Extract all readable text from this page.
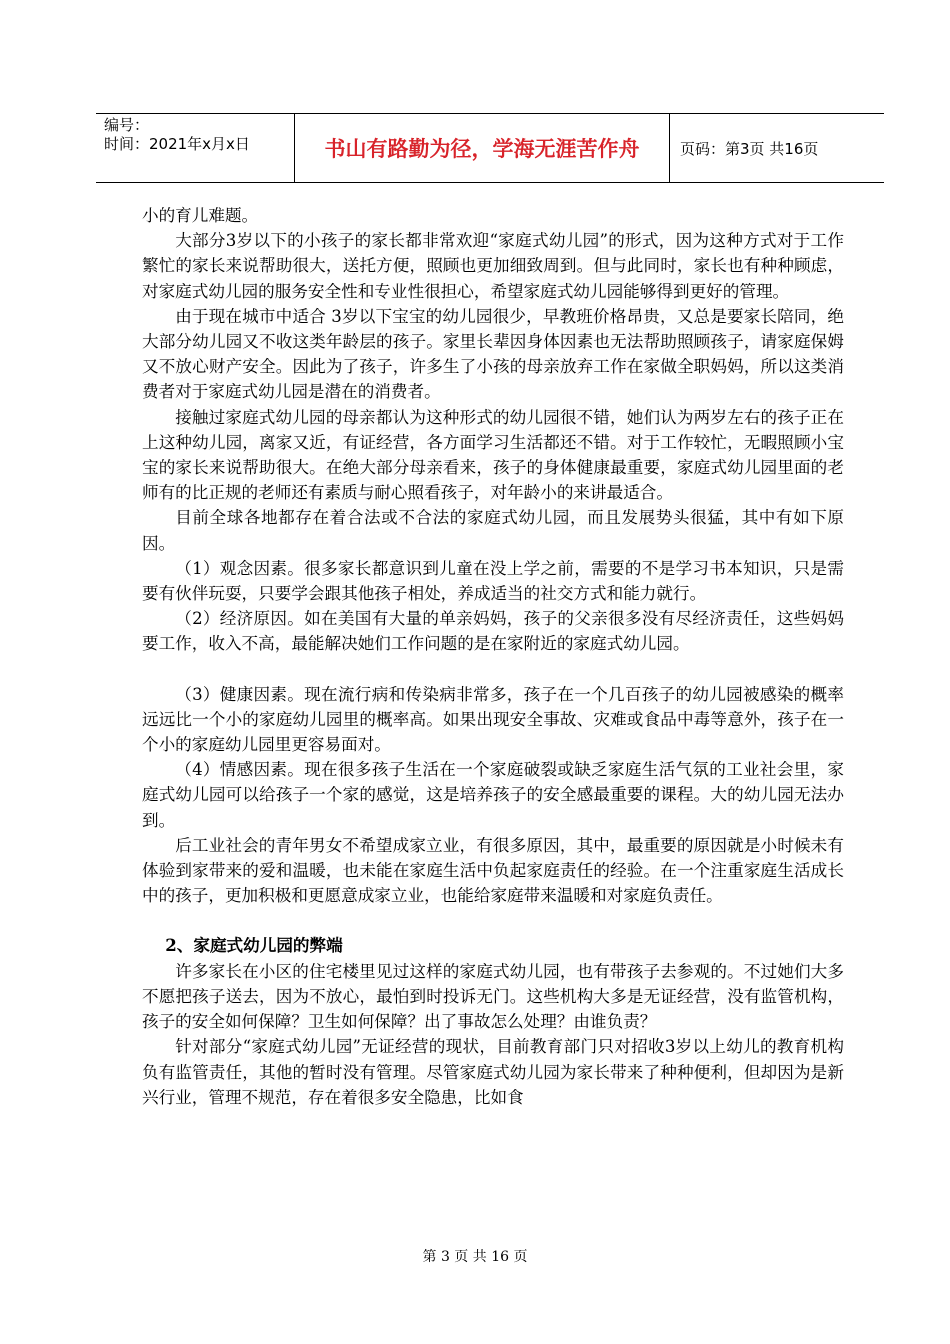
编号：
时间：2021年x月x日	书山有路勤为径，学海无涯苦作舟	页码：第3页 共16页

小的育儿难题。

大部分3岁以下的小孩子的家长都非常欢迎“家庭式幼儿园”的形式，因为这种方式对于工作繁忙的家长来说帮助很大，送托方便，照顾也更加细致周到。但与此同时，家长也有种种顾虑，对家庭式幼儿园的服务安全性和专业性很担心，希望家庭式幼儿园能够得到更好的管理。

由于现在城市中适合 3岁以下宝宝的幼儿园很少，早教班价格昂贵，又总是要家长陪同，绝大部分幼儿园又不收这类年龄层的孩子。家里长辈因身体因素也无法帮助照顾孩子，请家庭保姆又不放心财产安全。因此为了孩子，许多生了小孩的母亲放弃工作在家做全职妈妈，所以这类消费者对于家庭式幼儿园是潜在的消费者。

接触过家庭式幼儿园的母亲都认为这种形式的幼儿园很不错，她们认为两岁左右的孩子正在上这种幼儿园，离家又近，有证经营，各方面学习生活都还不错。对于工作较忙，无暇照顾小宝宝的家长来说帮助很大。在绝大部分母亲看来，孩子的身体健康最重要，家庭式幼儿园里面的老师有的比正规的老师还有素质与耐心照看孩子，对年龄小的来讲最适合。

目前全球各地都存在着合法或不合法的家庭式幼儿园，而且发展势头很猛，其中有如下原因。

（1）观念因素。很多家长都意识到儿童在没上学之前，需要的不是学习书本知识，只是需要有伙伴玩耍，只要学会跟其他孩子相处，养成适当的社交方式和能力就行。

（2）经济原因。如在美国有大量的单亲妈妈，孩子的父亲很多没有尽经济责任，这些妈妈要工作，收入不高，最能解决她们工作问题的是在家附近的家庭式幼儿园。

（3）健康因素。现在流行病和传染病非常多，孩子在一个几百孩子的幼儿园被感染的概率远远比一个小的家庭幼儿园里的概率高。如果出现安全事故、灾难或食品中毒等意外，孩子在一个小的家庭幼儿园里更容易面对。

（4）情感因素。现在很多孩子生活在一个家庭破裂或缺乏家庭生活气氛的工业社会里，家庭式幼儿园可以给孩子一个家的感觉，这是培养孩子的安全感最重要的课程。大的幼儿园无法办到。

后工业社会的青年男女不希望成家立业，有很多原因，其中，最重要的原因就是小时候未有体验到家带来的爱和温暖，也未能在家庭生活中负起家庭责任的经验。在一个注重家庭生活成长中的孩子，更加积极和更愿意成家立业，也能给家庭带来温暖和对家庭负责任。

2、家庭式幼儿园的弊端

许多家长在小区的住宅楼里见过这样的家庭式幼儿园，也有带孩子去参观的。不过她们大多不愿把孩子送去，因为不放心，最怕到时投诉无门。这些机构大多是无证经营，没有监管机构，孩子的安全如何保障？卫生如何保障？出了事故怎么处理？由谁负责？

针对部分“家庭式幼儿园”无证经营的现状，目前教育部门只对招收3岁以上幼儿的教育机构负有监管责任，其他的暂时没有管理。尽管家庭式幼儿园为家长带来了种种便利，但却因为是新兴行业，管理不规范，存在着很多安全隐患，比如食

第 3 页 共 16 页
